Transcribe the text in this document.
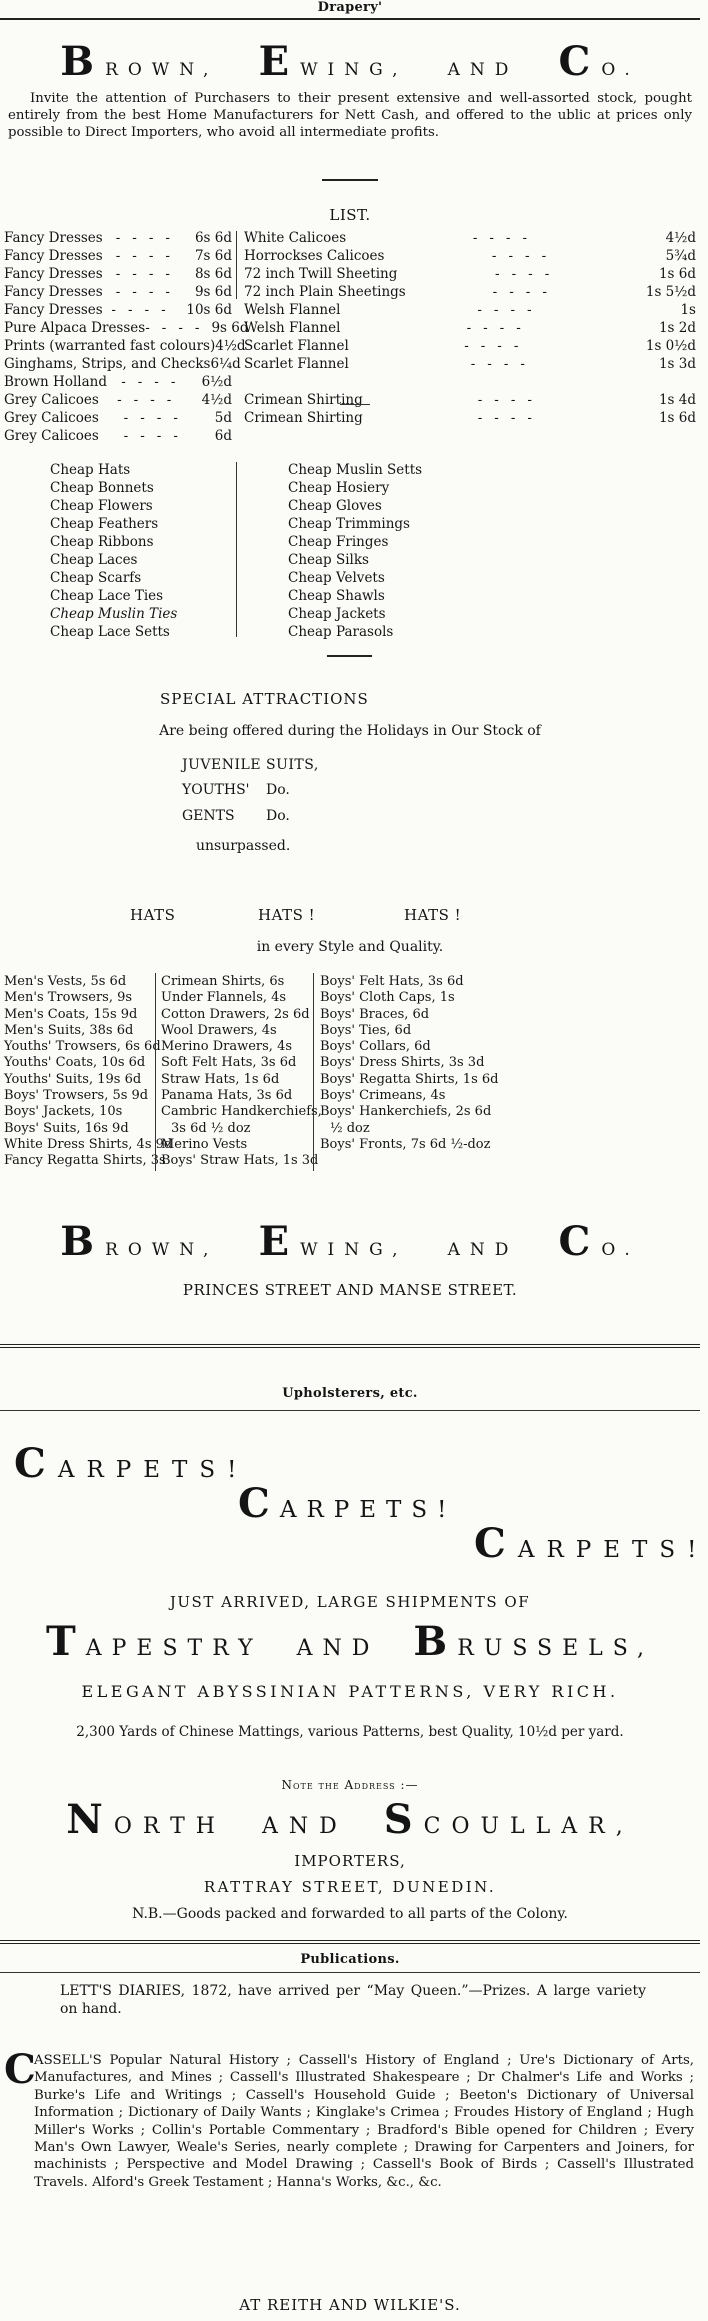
Drapery'
BROWN, EWING, AND CO.
Invite the attention of Purchasers to their present extensive and well-assorted stock, pought entirely from the best Home Manufacturers for Nett Cash, and offered to the ublic at prices only possible to Direct Importers, who avoid all intermediate profits.
LIST.
Fancy Dresses ---- 6s 6d
Fancy Dresses ---- 7s 6d
Fancy Dresses ---- 8s 6d
Fancy Dresses ---- 9s 6d
Fancy Dresses ---- 10s 6d
Pure Alpaca Dresses ---- 9s 6d
Prints (warranted fast colours) 4½d
Ginghams, Strips, and Checks 6¼d
Brown Holland	----	6½d
Grey Calicoes	----	4½d
Grey Calicoes	----	5d
Grey Calicoes	----	6d
White Calicoes	----	4½d
Horrockses Calicoes	----	5¾d
72 inch Twill Sheeting	----	1s 6d
72 inch Plain Sheetings	----	1s 5½d
Welsh Flannel	----	1s
Welsh Flannel	----	1s 2d
Scarlet Flannel	----	1s 0½d
Scarlet Flannel	----	1s 3d
Crimean Shirting	----	1s 4d
Crimean Shirting	----	1s 6d
Cheap Hats
Cheap Bonnets
Cheap Flowers
Cheap Feathers
Cheap Ribbons
Cheap Laces
Cheap Scarfs
Cheap Lace Ties
Cheap Muslin Ties
Cheap Lace Setts
Cheap Muslin Setts
Cheap Hosiery
Cheap Gloves
Cheap Trimmings
Cheap Fringes
Cheap Silks
Cheap Velvets
Cheap Shawls
Cheap Jackets
Cheap Parasols
SPECIAL ATTRACTIONS
Are being offered during the Holidays in Our Stock of
JUVENILE SUITS,
YOUTHS' Do.
GENTS Do.
unsurpassed.
HATS	HATS !	HATS !
in every Style and Quality.
Men's Vests, 5s 6d
Men's Trowsers, 9s
Men's Coats, 15s 9d
Men's Suits, 38s 6d
Youths' Trowsers, 6s 6d
Youths' Coats, 10s 6d
Youths' Suits, 19s 6d
Boys' Trowsers, 5s 9d
Boys' Jackets, 10s
Boys' Suits, 16s 9d
White Dress Shirts, 4s 9d
Fancy Regatta Shirts, 3s
Crimean Shirts, 6s
Under Flannels, 4s
Cotton Drawers, 2s 6d
Wool Drawers, 4s
Merino Drawers, 4s
Soft Felt Hats, 3s 6d
Straw Hats, 1s 6d
Panama Hats, 3s 6d
Cambric Handkerchiefs,
3s 6d ½ doz
Merino Vests
Boys' Straw Hats, 1s 3d
Boys' Felt Hats, 3s 6d
Boys' Cloth Caps, 1s
Boys' Braces, 6d
Boys' Ties, 6d
Boys' Collars, 6d
Boys' Dress Shirts, 3s 3d
Boys' Regatta Shirts, 1s 6d
Boys' Crimeans, 4s
Boys' Hankerchiefs, 2s 6d
½ doz
Boys' Fronts, 7s 6d ½-doz
BROWN, EWING, AND CO.
PRINCES STREET AND MANSE STREET.
Upholsterers, etc.
CARPETS!
CARPETS!
CARPETS!
JUST ARRIVED, LARGE SHIPMENTS OF
TAPESTRY AND BRUSSELS,
ELEGANT ABYSSINIAN PATTERNS, VERY RICH.
2,300 Yards of Chinese Mattings, various Patterns, best Quality, 10½d per yard.
Note the Address :—
NORTH AND SCOULLAR,
IMPORTERS,
RATTRAY STREET, DUNEDIN.
N.B.—Goods packed and forwarded to all parts of the Colony.
Publications.
LETT'S DIARIES, 1872, have arrived per “May Queen.”—Prizes. A large variety on hand.
C
ASSELL'S Popular Natural History ; Cassell's History of England ; Ure's Dictionary of Arts, Manufactures, and Mines ; Cassell's Illustrated Shakespeare ; Dr Chalmer's Life and Works ; Burke's Life and Writings ; Cassell's Household Guide ; Beeton's Dictionary of Universal Information ; Dictionary of Daily Wants ; Kinglake's Crimea ; Froudes History of England ; Hugh Miller's Works ; Collin's Portable Commentary ; Bradford's Bible opened for Children ; Every Man's Own Lawyer, Weale's Series, nearly complete ; Drawing for Carpenters and Joiners, for machinists ; Perspective and Model Drawing ; Cassell's Book of Birds ; Cassell's Illustrated Travels. Alford's Greek Testament ; Hanna's Works, &c., &c.
AT REITH AND WILKIE'S.
